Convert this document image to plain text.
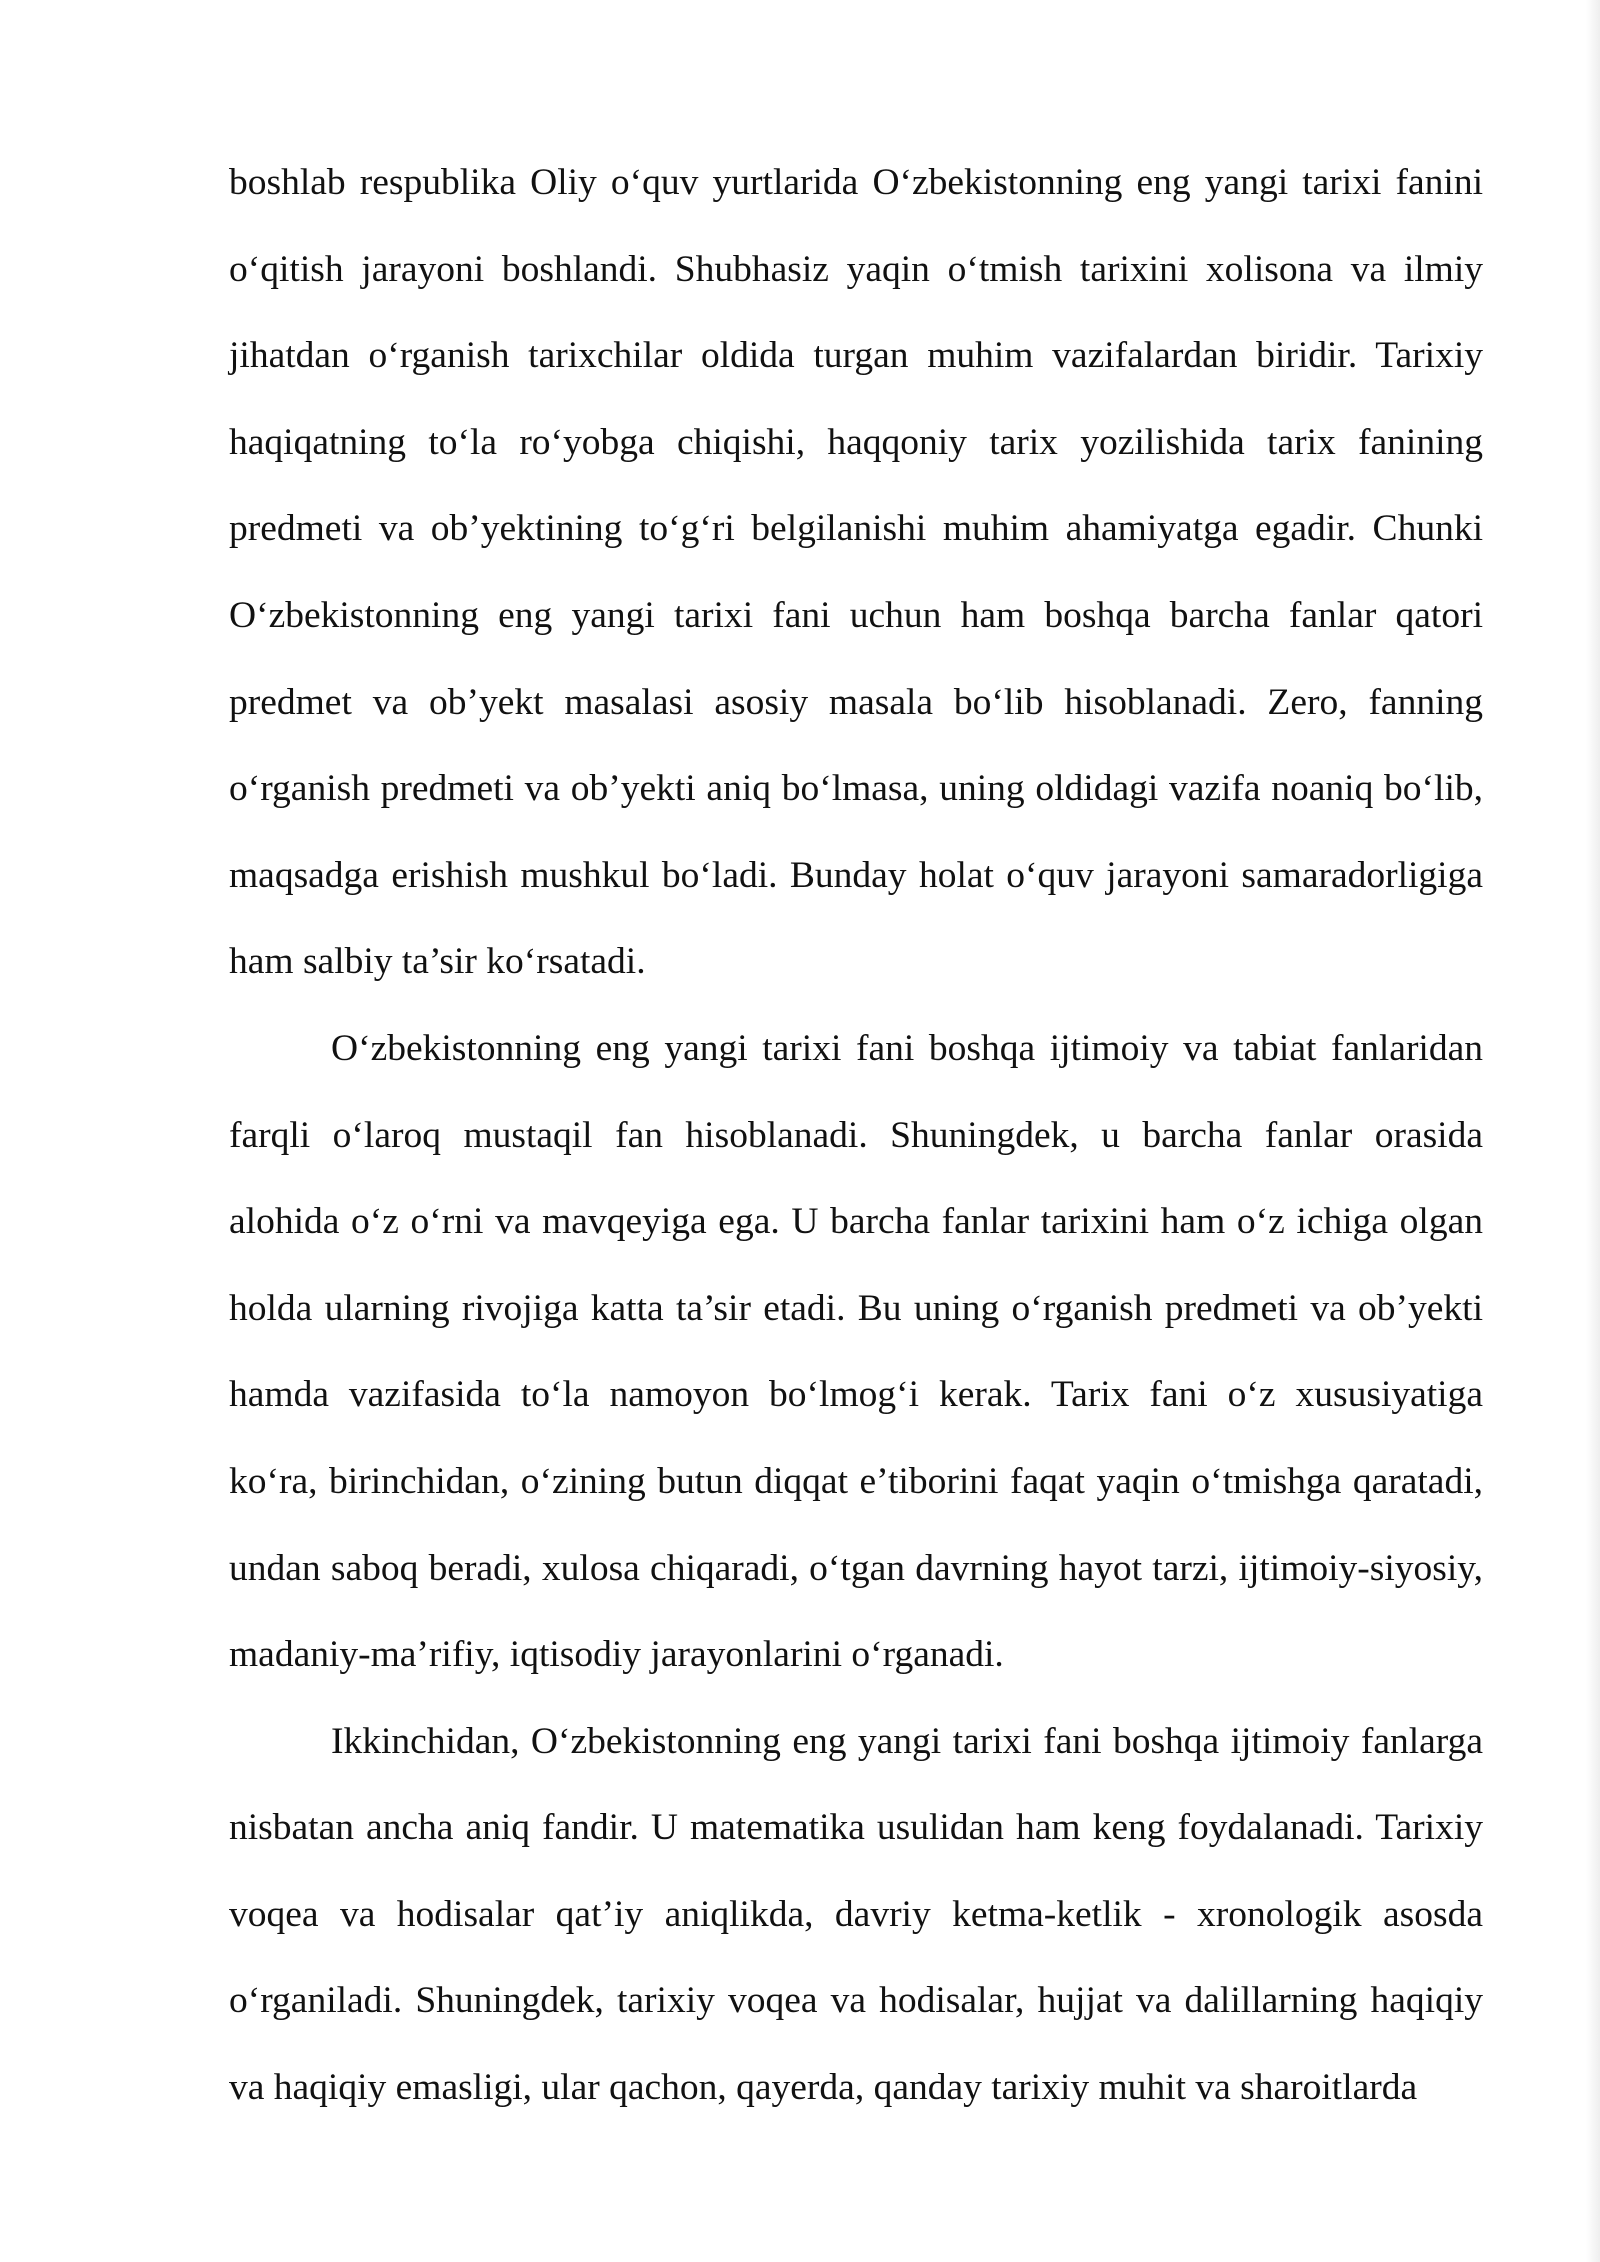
boshlab respublika Oliy o‘quv yurtlarida O‘zbekistonning eng yangi tarixi fanini o‘qitish jarayoni boshlandi. Shubhasiz yaqin o‘tmish tarixini xolisona va ilmiy jihatdan o‘rganish tarixchilar oldida turgan muhim vazifalardan biridir. Tarixiy haqiqatning to‘la ro‘yobga chiqishi, haqqoniy tarix yozilishida tarix fanining predmeti va ob’yektining to‘g‘ri belgilanishi muhim ahamiyatga egadir. Chunki O‘zbekistonning eng yangi tarixi fani uchun ham boshqa barcha fanlar qatori predmet va ob’yekt masalasi asosiy masala bo‘lib hisoblanadi. Zero, fanning o‘rganish predmeti va ob’yekti aniq bo‘lmasa, uning oldidagi vazifa noaniq bo‘lib, maqsadga erishish mushkul bo‘ladi. Bunday holat o‘quv jarayoni samaradorligiga ham salbiy ta’sir ko‘rsatadi.

O‘zbekistonning eng yangi tarixi fani boshqa ijtimoiy va tabiat fanlaridan farqli o‘laroq mustaqil fan hisoblanadi. Shuningdek, u barcha fanlar orasida alohida o‘z o‘rni va mavqeyiga ega. U barcha fanlar tarixini ham o‘z ichiga olgan holda ularning rivojiga katta ta’sir etadi. Bu uning o‘rganish predmeti va ob’yekti hamda vazifasida to‘la namoyon bo‘lmog‘i kerak. Tarix fani o‘z xususiyatiga ko‘ra, birinchidan, o‘zining butun diqqat e’tiborini faqat yaqin o‘tmishga qaratadi, undan saboq beradi, xulosa chiqaradi, o‘tgan davrning hayot tarzi, ijtimoiy-siyosiy, madaniy-ma’rifiy, iqtisodiy jarayonlarini o‘rganadi.

Ikkinchidan, O‘zbekistonning eng yangi tarixi fani boshqa ijtimoiy fanlarga nisbatan ancha aniq fandir. U matematika usulidan ham keng foydalanadi. Tarixiy voqea va hodisalar qat’iy aniqlikda, davriy ketma-ketlik - xronologik asosda o‘rganiladi. Shuningdek, tarixiy voqea va hodisalar, hujjat va dalillarning haqiqiy va haqiqiy emasligi, ular qachon, qayerda, qanday tarixiy muhit va sharoitlarda
